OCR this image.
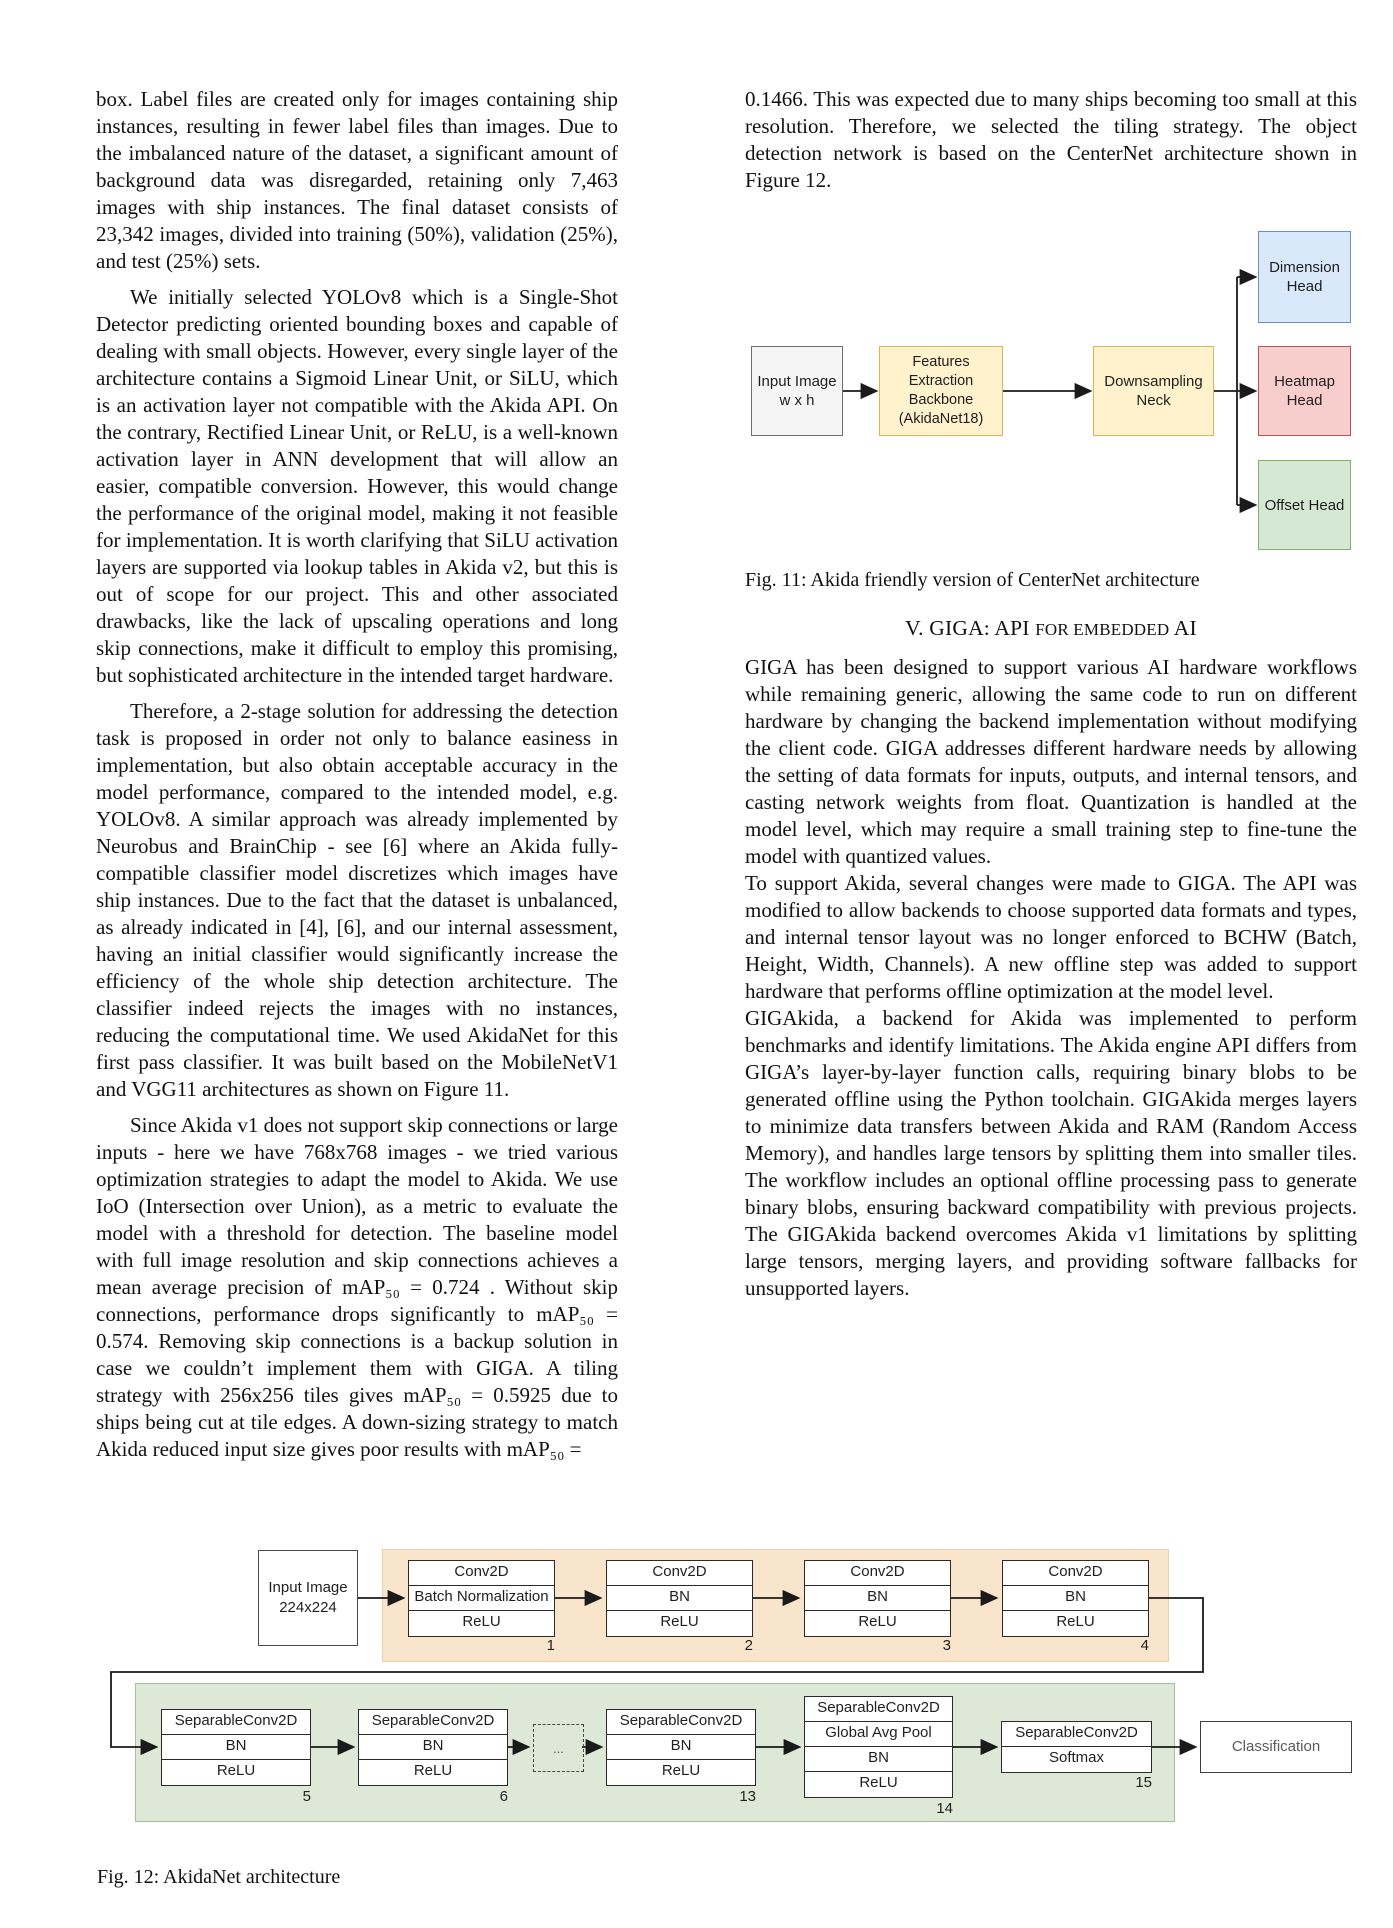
box. Label files are created only for images containing ship instances, resulting in fewer label files than images. Due to the imbalanced nature of the dataset, a significant amount of background data was disregarded, retaining only 7,463 images with ship instances. The final dataset consists of 23,342 images, divided into training (50%), validation (25%), and test (25%) sets.

We initially selected YOLOv8 which is a Single-Shot Detector predicting oriented bounding boxes and capable of dealing with small objects. However, every single layer of the architecture contains a Sigmoid Linear Unit, or SiLU, which is an activation layer not compatible with the Akida API. On the contrary, Rectified Linear Unit, or ReLU, is a well-known activation layer in ANN development that will allow an easier, compatible conversion. However, this would change the performance of the original model, making it not feasible for implementation. It is worth clarifying that SiLU activation layers are supported via lookup tables in Akida v2, but this is out of scope for our project. This and other associated drawbacks, like the lack of upscaling operations and long skip connections, make it difficult to employ this promising, but sophisticated architecture in the intended target hardware.

Therefore, a 2-stage solution for addressing the detection task is proposed in order not only to balance easiness in implementation, but also obtain acceptable accuracy in the model performance, compared to the intended model, e.g. YOLOv8. A similar approach was already implemented by Neurobus and BrainChip - see [6] where an Akida fully-compatible classifier model discretizes which images have ship instances. Due to the fact that the dataset is unbalanced, as already indicated in [4], [6], and our internal assessment, having an initial classifier would significantly increase the efficiency of the whole ship detection architecture. The classifier indeed rejects the images with no instances, reducing the computational time. We used AkidaNet for this first pass classifier. It was built based on the MobileNetV1 and VGG11 architectures as shown on Figure 11.

Since Akida v1 does not support skip connections or large inputs - here we have 768x768 images - we tried various optimization strategies to adapt the model to Akida. We use IoO (Intersection over Union), as a metric to evaluate the model with a threshold for detection. The baseline model with full image resolution and skip connections achieves a mean average precision of mAP₅₀ = 0.724 . Without skip connections, performance drops significantly to mAP₅₀ = 0.574. Removing skip connections is a backup solution in case we couldn’t implement them with GIGA. A tiling strategy with 256x256 tiles gives mAP₅₀ = 0.5925 due to ships being cut at tile edges. A down-sizing strategy to match Akida reduced input size gives poor results with mAP₅₀ =

0.1466. This was expected due to many ships becoming too small at this resolution. Therefore, we selected the tiling strategy. The object detection network is based on the CenterNet architecture shown in Figure 12.

Input Image
w x h
Features Extraction
Backbone
(AkidaNet18)
Downsampling
Neck
Dimension
Head
Heatmap
Head
Offset Head
Fig. 11: Akida friendly version of CenterNet architecture
V. GIGA: API FOR EMBEDDED AI

GIGA has been designed to support various AI hardware workflows while remaining generic, allowing the same code to run on different hardware by changing the backend implementation without modifying the client code. GIGA addresses different hardware needs by allowing the setting of data formats for inputs, outputs, and internal tensors, and casting network weights from float. Quantization is handled at the model level, which may require a small training step to fine-tune the model with quantized values.

To support Akida, several changes were made to GIGA. The API was modified to allow backends to choose supported data formats and types, and internal tensor layout was no longer enforced to BCHW (Batch, Height, Width, Channels). A new offline step was added to support hardware that performs offline optimization at the model level.

GIGAkida, a backend for Akida was implemented to perform benchmarks and identify limitations. The Akida engine API differs from GIGA’s layer-by-layer function calls, requiring binary blobs to be generated offline using the Python toolchain. GIGAkida merges layers to minimize data transfers between Akida and RAM (Random Access Memory), and handles large tensors by splitting them into smaller tiles. The workflow includes an optional offline processing pass to generate binary blobs, ensuring backward compatibility with previous projects. The GIGAkida backend overcomes Akida v1 limitations by splitting large tensors, merging layers, and providing software fallbacks for unsupported layers.

Input Image
224x224
Conv2D
Batch Normalization
ReLU
1
Conv2D
BN
ReLU
2
Conv2D
BN
ReLU
3
Conv2D
BN
ReLU
4
SeparableConv2D
BN
ReLU
5
SeparableConv2D
BN
ReLU
6
...
SeparableConv2D
BN
ReLU
13
SeparableConv2D
Global Avg Pool
BN
ReLU
14
SeparableConv2D
Softmax
15
Classification
Fig. 12: AkidaNet architecture
